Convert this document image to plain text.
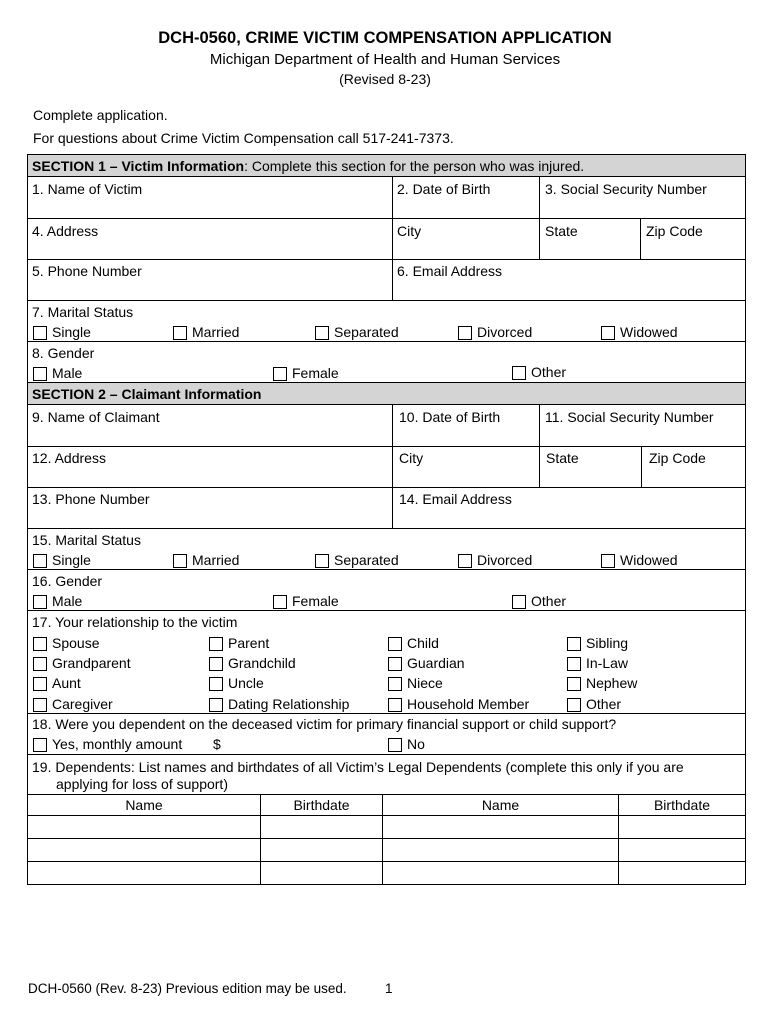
DCH-0560, CRIME VICTIM COMPENSATION APPLICATION
Michigan Department of Health and Human Services
(Revised 8-23)
Complete application.
For questions about Crime Victim Compensation call 517-241-7373.
SECTION 1 – Victim Information: Complete this section for the person who was injured.
1. Name of Victim	2. Date of Birth	3. Social Security Number
4. Address	City	State	Zip Code
5. Phone Number	6. Email Address
7. Marital Status
Single	Married	Separated	Divorced	Widowed
8. Gender
Male	Female	Other
SECTION 2 – Claimant Information
9. Name of Claimant	10. Date of Birth	11. Social Security Number
12. Address	City	State	Zip Code
13. Phone Number	14. Email Address
15. Marital Status
Single	Married	Separated	Divorced	Widowed
16. Gender
Male	Female	Other
17. Your relationship to the victim
Spouse	Parent	Child	Sibling
Grandparent	Grandchild	Guardian	In-Law
Aunt	Uncle	Niece	Nephew
Caregiver	Dating Relationship	Household Member	Other
18. Were you dependent on the deceased victim for primary financial support or child support?
Yes, monthly amount $	No
19. Dependents: List names and birthdates of all Victim’s Legal Dependents (complete this only if you are
applying for loss of support)
Name	Birthdate	Name	Birthdate
DCH-0560 (Rev. 8-23) Previous edition may be used.	1
